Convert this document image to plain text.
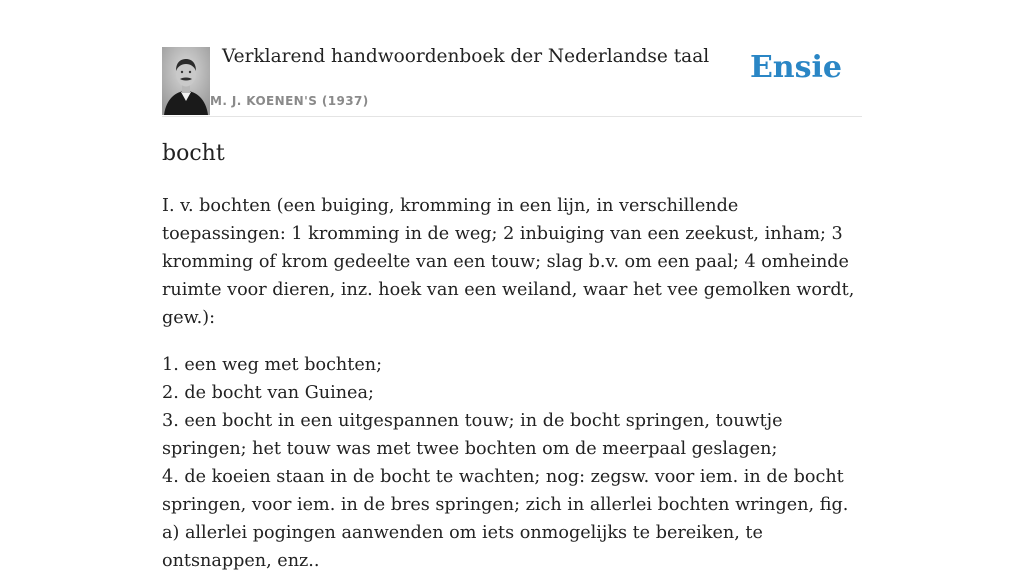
Verklarend handwoordenboek der Nederlandse taal
M. J. KOENEN'S (1937)
Ensie
bocht

I. v. bochten (een buiging, kromming in een lijn, in verschillende toepassingen: 1 kromming in de weg; 2 inbuiging van een zeekust, inham; 3 kromming of krom gedeelte van een touw; slag b.v. om een paal; 4 omheinde ruimte voor dieren, inz. hoek van een weiland, waar het vee gemolken wordt, gew.):

1. een weg met bochten;

2. de bocht van Guinea;

3. een bocht in een uitgespannen touw; in de bocht springen, touwtje springen; het touw was met twee bochten om de meerpaal geslagen;

4. de koeien staan in de bocht te wachten; nog: zegsw. voor iem. in de bocht springen, voor iem. in de bres springen; zich in allerlei bochten wringen, fig. a) allerlei pogingen aanwenden om iets onmogelijks te bereiken, te ontsnappen, enz..
